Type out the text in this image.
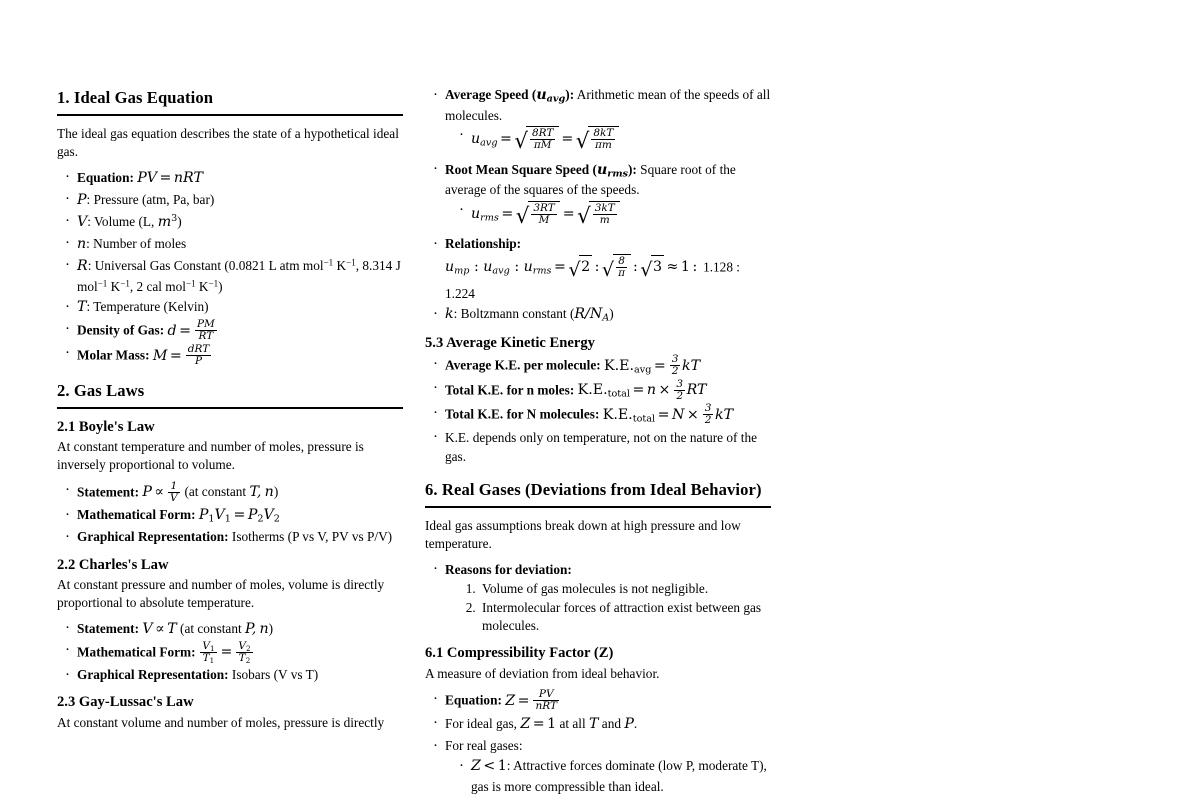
1. Ideal Gas Equation

The ideal gas equation describes the state of a hypothetical ideal gas.

· Equation: PV = nRT
· P: Pressure (atm, Pa, bar)
· V: Volume (L, $m^3$)
· n: Number of moles
· R: Universal Gas Constant (0.0821 L atm mol$^{-1}$ $K^{-1}$, 8.314 J mol$^{-1}$ $K^{-1}$, 2 cal mol$^{-1}$ $K^{-1}$)
· T: Temperature (Kelvin)
· Density of Gas: $d = \frac{PM}{RT}$
· Molar Mass: $M = \frac{\text{dRT}}{P}$
2. Gas Laws
2.1 Boyle's Law

At constant temperature and number of moles, pressure is inversely proportional to volume.

· Statement: $P \propto \frac{1}{V} (at$ constant T, n)
· Mathematical Form: $P_1V_1 = P_2V_2$
· Graphical Representation: Isotherms (P vs V, PV vs P/V)
2.2 Charles's Law

At constant pressure and number of moles, volume is directly proportional to absolute temperature.

· Statement: V ∝ T (at constant P, n)
· Mathematical Form: $\frac{V_1}{T_1} = \frac{V_2}{T_2}$
· Graphical Representation: Isobars (V vs T)
2.3 Gay-Lussac's Law

At constant volume and number of moles, pressure is directly

· Average Speed $(u_{avg})$: Arithmetic mean of the speeds of all molecules.
· $u_{avg}$ = √ $\frac{8RT}{\pi M}$ = √ $\frac{8kT}{\pi m}$
· Root Mean Square Speed $(u_{rms})$: Square root of the average of the squares of the speeds.
· $u_{rms}$ = √ $\frac{3RT}{M}$ = √ $\frac{3kT}{m}$
· Relationship: $u_{mp}$ : $u_{avg}$ : $u_{rms} = √2$ : √ $\frac{8}{\pi}$ : √3 ≈ 1 : 1.128 : 1.224
· k: Boltzmann constant $(R/N_A)$
5.3 Average Kinetic Energy
· Average K.E. per molecule: $K.E._{avg} = \frac{3}{2}$ kT
· Total K.E. for n moles: $K.E._{total} = n \times \frac{3}{2}$ RT
· Total K.E. for N molecules: $K.E._{total} = N \times \frac{3}{2}$ kT
· K.E. depends only on temperature, not on the nature of the gas.
6. Real Gases (Deviations from Ideal Behavior)

Ideal gas assumptions break down at high pressure and low temperature.

· Reasons for deviation:
1. Volume of gas molecules is not negligible.
2. Intermolecular forces of attraction exist between gas molecules.
6.1 Compressibility Factor (Z)

A measure of deviation from ideal behavior.

· Equation: $Z = \frac{PV}{\text{nRT}}$
· For ideal gas, Z = 1 at all T and P.
· For real gases:
· Z < 1: Attractive forces dominate (low P, moderate T), gas is more compressible than ideal.
